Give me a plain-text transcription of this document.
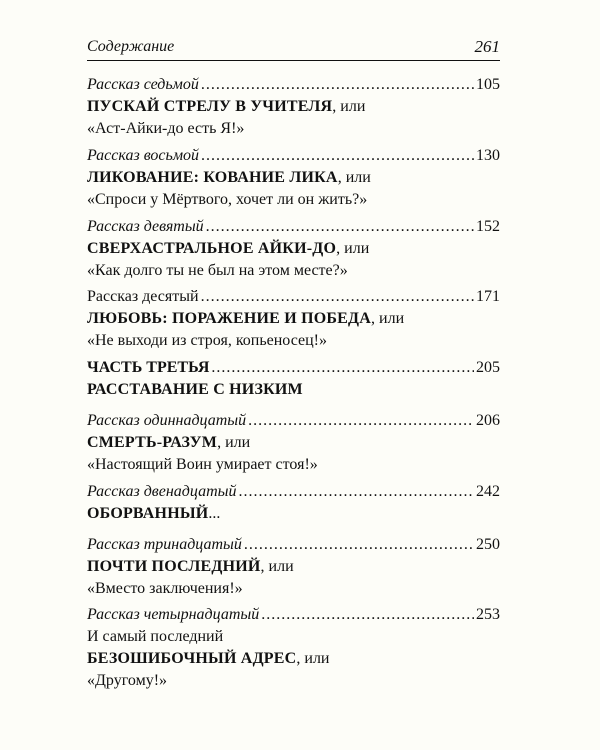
Содержание	261
Рассказ седьмой .....	105
ПУСКАЙ СТРЕЛУ В УЧИТЕЛЯ, или
«Аст-Айки-до есть Я!»
Рассказ восьмой .....	130
ЛИКОВАНИЕ: КОВАНИЕ ЛИКА, или
«Спроси у Мёртвого, хочет ли он жить?»
Рассказ девятый .....	152
СВЕРХАСТРАЛЬНОЕ АЙКИ-ДО, или
«Как долго ты не был на этом месте?»
Рассказ десятый .....	171
ЛЮБОВЬ: ПОРАЖЕНИЕ И ПОБЕДА, или
«Не выходи из строя, копьеносец!»
ЧАСТЬ ТРЕТЬЯ .....	205
РАССТАВАНИЕ С НИЗКИМ
Рассказ одиннадцатый .....	206
СМЕРТЬ-РАЗУМ, или
«Настоящий Воин умирает стоя!»
Рассказ двенадцатый .....	242
ОБОРВАННЫЙ...
Рассказ тринадцатый .....	250
ПОЧТИ ПОСЛЕДНИЙ, или
«Вместо заключения!»
Рассказ четырнадцатый .....	253
И самый последний
БЕЗОШИБОЧНЫЙ АДРЕС, или
«Другому!»
